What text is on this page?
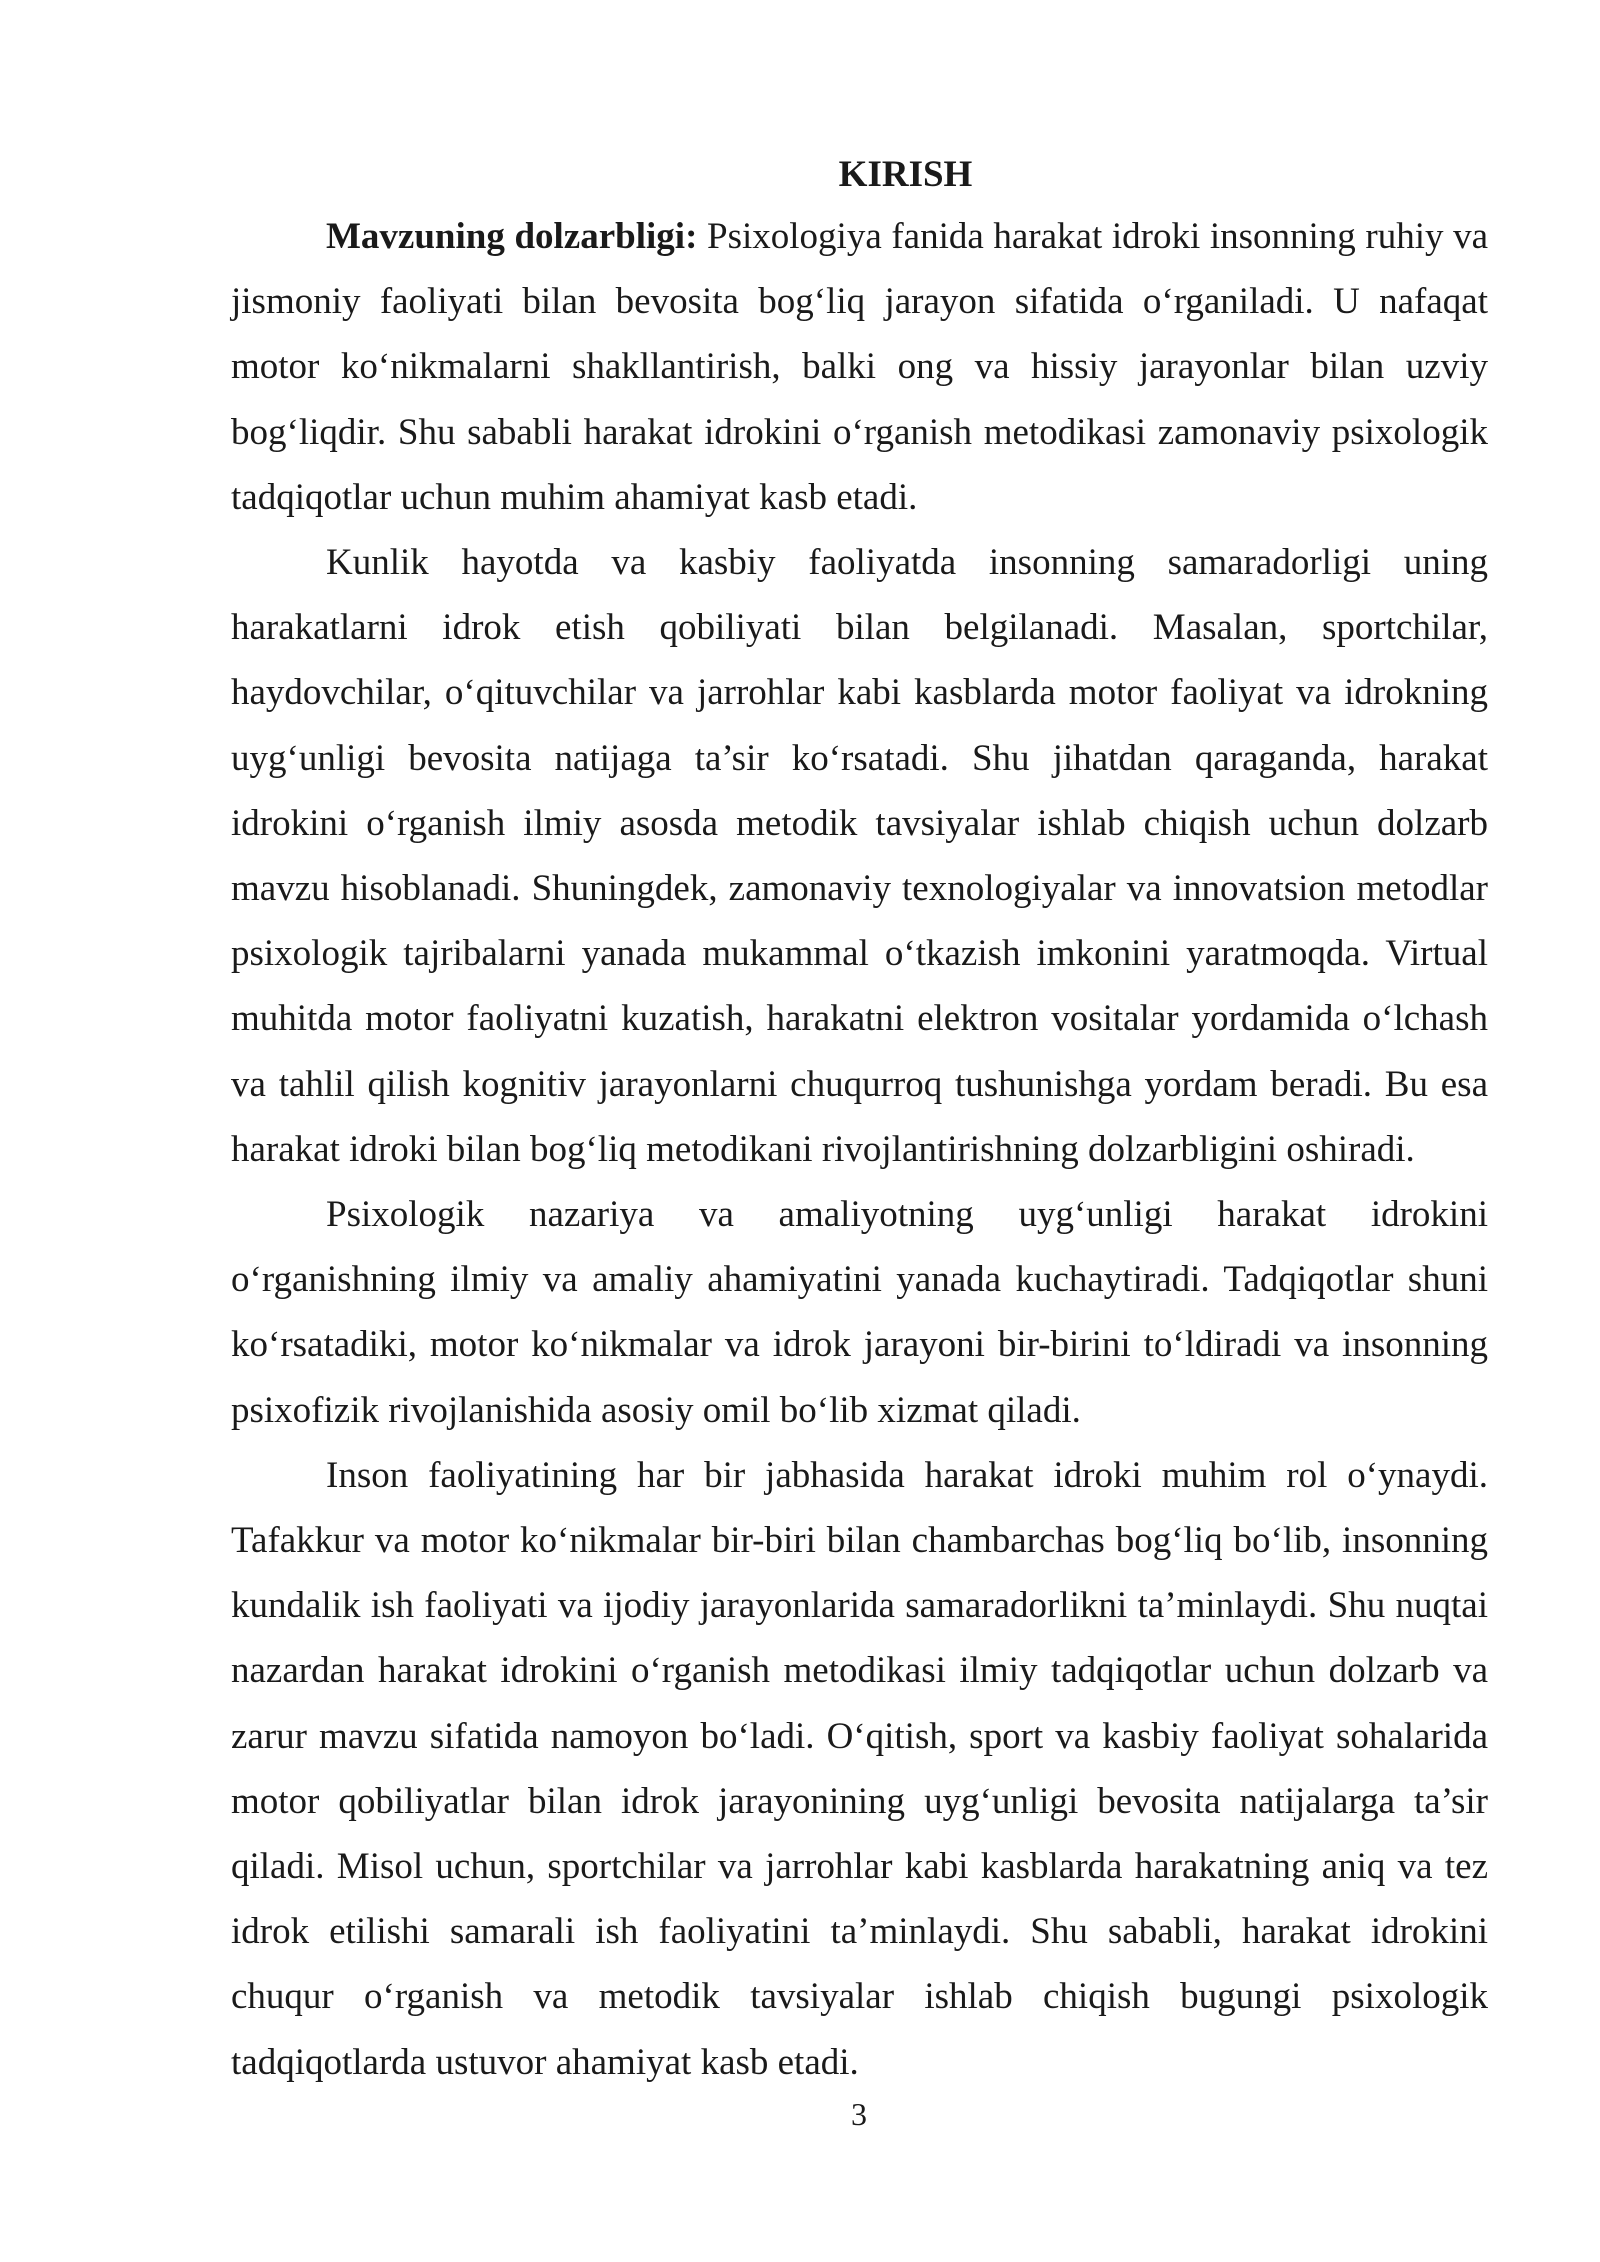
KIRISH

Mavzuning dolzarbligi: Psixologiya fanida harakat idroki insonning ruhiy va jismoniy faoliyati bilan bevosita bog‘liq jarayon sifatida o‘rganiladi. U nafaqat motor ko‘nikmalarni shakllantirish, balki ong va hissiy jarayonlar bilan uzviy bog‘liqdir. Shu sababli harakat idrokini o‘rganish metodikasi zamonaviy psixologik tadqiqotlar uchun muhim ahamiyat kasb etadi.

Kunlik hayotda va kasbiy faoliyatda insonning samaradorligi uning harakatlarni idrok etish qobiliyati bilan belgilanadi. Masalan, sportchilar, haydovchilar, o‘qituvchilar va jarrohlar kabi kasblarda motor faoliyat va idrokning uyg‘unligi bevosita natijaga ta’sir ko‘rsatadi. Shu jihatdan qaraganda, harakat idrokini o‘rganish ilmiy asosda metodik tavsiyalar ishlab chiqish uchun dolzarb mavzu hisoblanadi. Shuningdek, zamonaviy texnologiyalar va innovatsion metodlar psixologik tajribalarni yanada mukammal o‘tkazish imkonini yaratmoqda. Virtual muhitda motor faoliyatni kuzatish, harakatni elektron vositalar yordamida o‘lchash va tahlil qilish kognitiv jarayonlarni chuqurroq tushunishga yordam beradi. Bu esa harakat idroki bilan bog‘liq metodikani rivojlantirishning dolzarbligini oshiradi.

Psixologik nazariya va amaliyotning uyg‘unligi harakat idrokini o‘rganishning ilmiy va amaliy ahamiyatini yanada kuchaytiradi. Tadqiqotlar shuni ko‘rsatadiki, motor ko‘nikmalar va idrok jarayoni bir-birini to‘ldiradi va insonning psixofizik rivojlanishida asosiy omil bo‘lib xizmat qiladi.

Inson faoliyatining har bir jabhasida harakat idroki muhim rol o‘ynaydi. Tafakkur va motor ko‘nikmalar bir-biri bilan chambarchas bog‘liq bo‘lib, insonning kundalik ish faoliyati va ijodiy jarayonlarida samaradorlikni ta’minlaydi. Shu nuqtai nazardan harakat idrokini o‘rganish metodikasi ilmiy tadqiqotlar uchun dolzarb va zarur mavzu sifatida namoyon bo‘ladi. O‘qitish, sport va kasbiy faoliyat sohalarida motor qobiliyatlar bilan idrok jarayonining uyg‘unligi bevosita natijalarga ta’sir qiladi. Misol uchun, sportchilar va jarrohlar kabi kasblarda harakatning aniq va tez idrok etilishi samarali ish faoliyatini ta’minlaydi. Shu sababli, harakat idrokini chuqur o‘rganish va metodik tavsiyalar ishlab chiqish bugungi psixologik tadqiqotlarda ustuvor ahamiyat kasb etadi.

3
